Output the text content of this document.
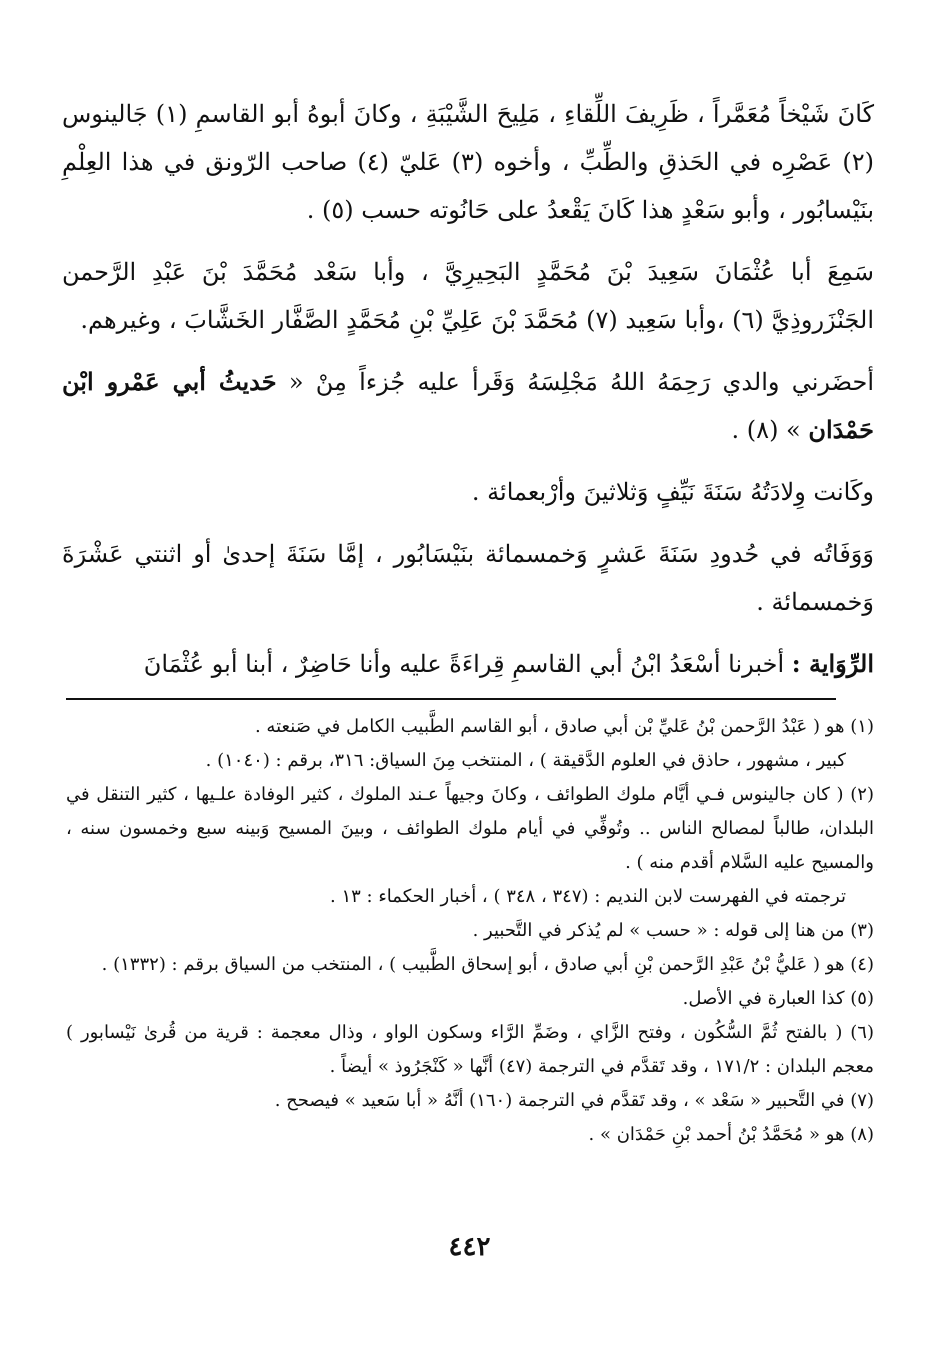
كَانَ شَيْخاً مُعَمَّراً ، ظَرِيفَ اللِّقاءِ ، مَلِيحَ الشَّيْبَةِ ، وكانَ أبوهُ أبو القاسمِ (١) جَالينوس (٢) عَصْرِه في الحَذقِ والطِّبِّ ، وأخوه (٣) عَليّ (٤) صاحب الرّونق في هذا العِلْمِ بنَيْسابُور ، وأبو سَعْدٍ هذا كَانَ يَقْعدُ على حَانُوته حسب (٥) .

سَمِعَ أبا عُثْمَانَ سَعِيدَ بْنَ مُحَمَّدٍ البَحِيرِيَّ ، وأبا سَعْد مُحَمَّدَ بْنَ عَبْدِ الرَّحمن الجَنْزَروذِيَّ (٦) ،وأبا سَعِيد (٧) مُحَمَّدَ بْنَ عَلِيِّ بْنِ مُحَمَّدٍ الصَّفَّار الخَشَّابَ ، وغيرهم.

أحضَرني والدي رَحِمَهُ اللهُ مَجْلِسَهُ وَقَرأ عليه جُزءاً مِنْ « حَديثُ أبي عَمْرو ابْن حَمْدَان » (٨) .

وكَانت وِلادَتُهُ سَنَةَ نَيِّفٍ وَثلاثينَ وأرْبعمائة .

وَوَفَاتُه في حُدودِ سَنَةَ عَشرٍ وَخمسمائة بنَيْسَابُور ، إمَّا سَنَةَ إحدىٰ أو اثنتي عَشْرَةَ وَخمسمائة .

الرِّوَاية : أخبرنا أسْعَدُ ابْنُ أبي القاسمِ قِراءَةً عليه وأنا حَاضِرٌ ، أبنا أبو عُثْمَانَ

(١) هو ( عَبْدُ الرَّحمن بْنُ عَليِّ بْن أبي صادق ، أبو القاسم الطَّبيب الكامل في صَنعته .

كبير ، مشهور ، حاذق في العلوم الدَّقيقة ) ، المنتخب مِنَ السياق: ٣١٦، برقم : (١٠٤٠) .

(٢) ( كان جالينوس فـي أيَّام ملوك الطوائف ، وكانَ وجيهاً عـند الملوك ، كثير الوفادة علـيها ، كثير التنقل في البلدان، طالباً لمصالح الناس .. وتُوفِّي في أيام ملوك الطوائف ، وبينَ المسيح وَبينه سبع وخمسون سنه ، والمسيح عليه السَّلام أقدم منه ) .

ترجمته في الفهرست لابن النديم : (٣٤٧ ، ٣٤٨ ) ، أخبار الحكماء : ١٣ .

(٣) من هنا إلى قوله : « حسب » لم يُذكر في التَّحبير .

(٤) هو ( عَليُّ بْنُ عَبْدِ الرَّحمن بْنِ أبي صادق ، أبو إسحاق الطَّبيب ) ، المنتخب من السياق برقم : (١٣٣٢) .

(٥) كذا العبارة في الأصل.

(٦) ( بالفتح ثُمَّ السُّكُون ، وفتح الزَّاي ، وضَمِّ الرَّاء وسكون الواو ، وذال معجمة : قرية من قُرىٰ نَيْسابور ) معجم البلدان : ١٧١/٢ ، وقد تَقدَّم في الترجمة (٤٧) أنَّها « كَنْجَرُوذ » أيضاً .

(٧) في التَّحبير « سَعْد » ، وقد تَقدَّم في الترجمة (١٦٠) أنَّهُ « أبا سَعيد » فيصحح .

(٨) هو « مُحَمَّدُ بْنُ أحمد بْنِ حَمْدَان » .

٤٤٢
